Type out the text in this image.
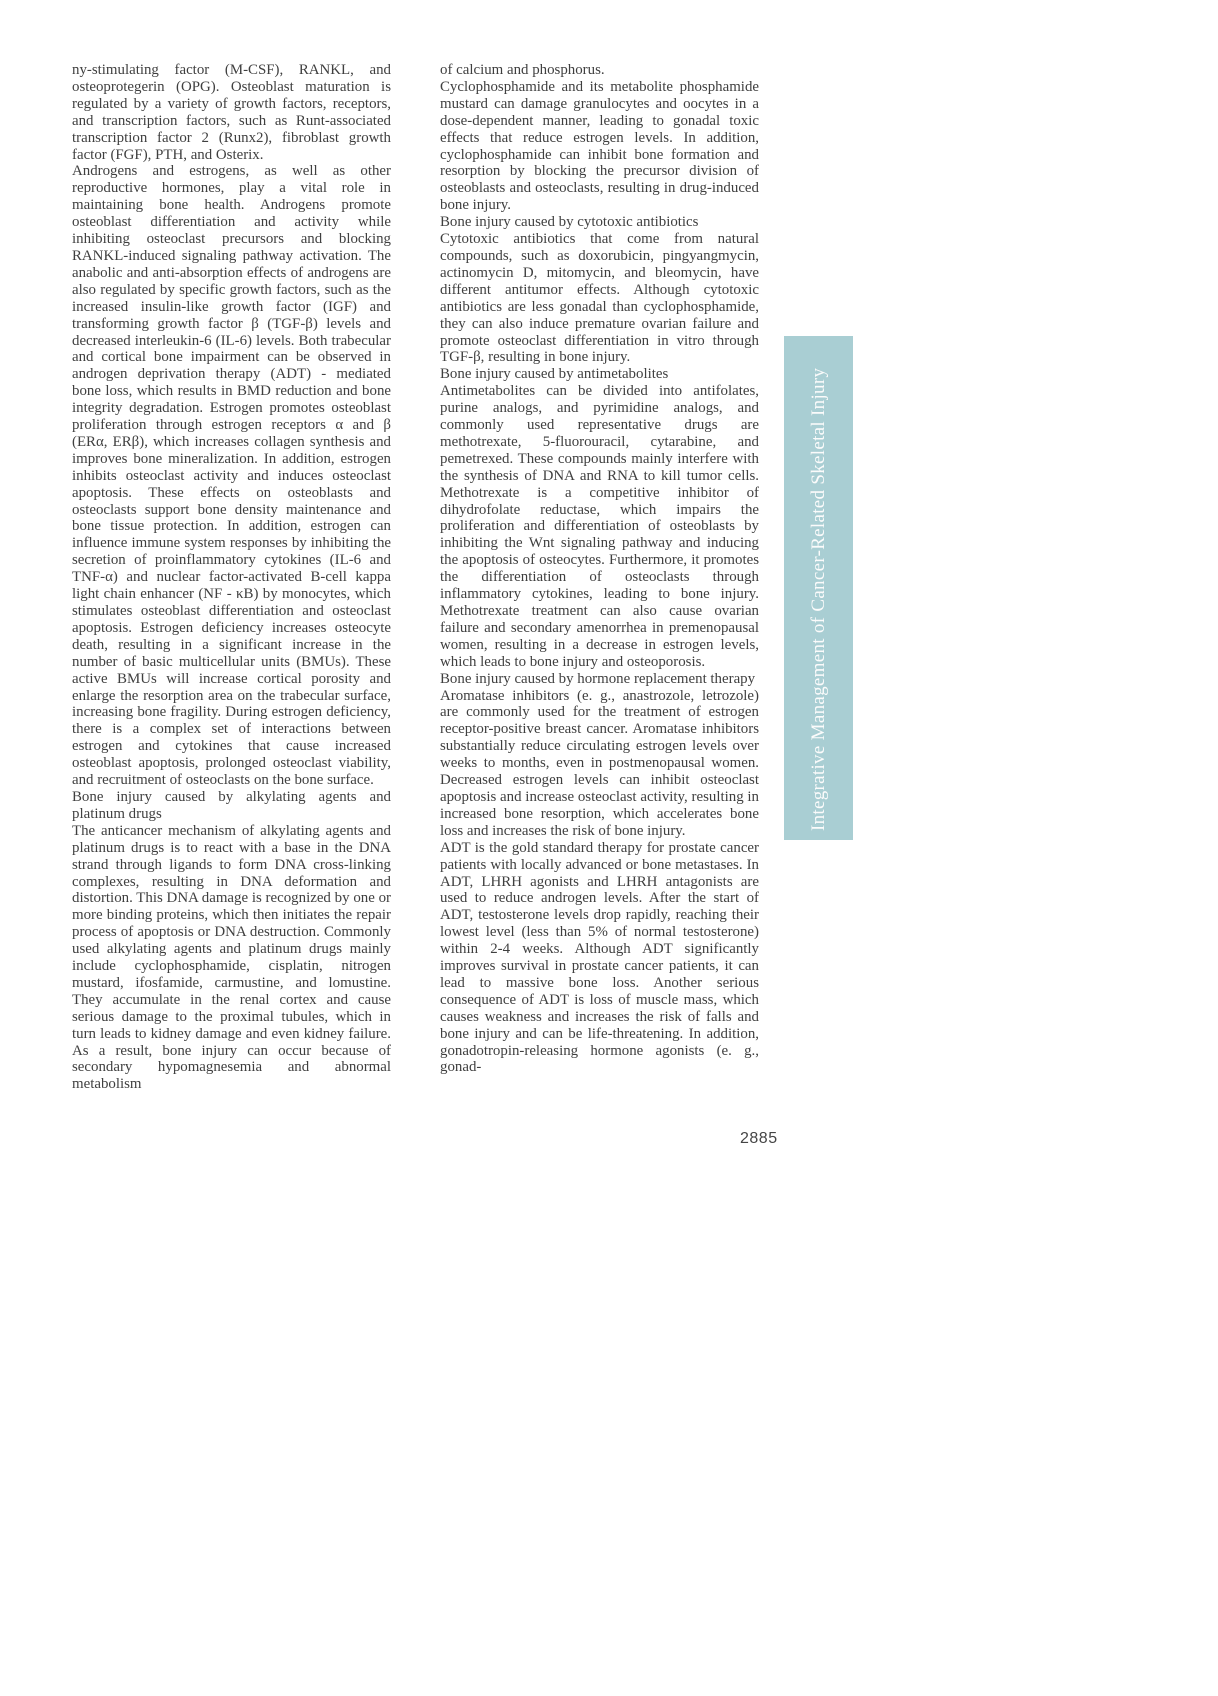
ny-stimulating factor (M-CSF), RANKL, and osteoprotegerin (OPG). Osteoblast maturation is regulated by a variety of growth factors, receptors, and transcription factors, such as Runt-associated transcription factor 2 (Runx2), fibroblast growth factor (FGF), PTH, and Osterix.

Androgens and estrogens, as well as other reproductive hormones, play a vital role in maintaining bone health. Androgens promote osteoblast differentiation and activity while inhibiting osteoclast precursors and blocking RANKL-induced signaling pathway activation. The anabolic and anti-absorption effects of androgens are also regulated by specific growth factors, such as the increased insulin-like growth factor (IGF) and transforming growth factor β (TGF-β) levels and decreased interleukin-6 (IL-6) levels. Both trabecular and cortical bone impairment can be observed in androgen deprivation therapy (ADT) - mediated bone loss, which results in BMD reduction and bone integrity degradation. Estrogen promotes osteoblast proliferation through estrogen receptors α and β (ERα, ERβ), which increases collagen synthesis and improves bone mineralization. In addition, estrogen inhibits osteoclast activity and induces osteoclast apoptosis. These effects on osteoblasts and osteoclasts support bone density maintenance and bone tissue protection. In addition, estrogen can influence immune system responses by inhibiting the secretion of proinflammatory cytokines (IL-6 and TNF-α) and nuclear factor-activated B-cell kappa light chain enhancer (NF - κB) by monocytes, which stimulates osteoblast differentiation and osteoclast apoptosis. Estrogen deficiency increases osteocyte death, resulting in a significant increase in the number of basic multicellular units (BMUs). These active BMUs will increase cortical porosity and enlarge the resorption area on the trabecular surface, increasing bone fragility. During estrogen deficiency, there is a complex set of interactions between estrogen and cytokines that cause increased osteoblast apoptosis, prolonged osteoclast viability, and recruitment of osteoclasts on the bone surface.

Bone injury caused by alkylating agents and platinum drugs

The anticancer mechanism of alkylating agents and platinum drugs is to react with a base in the DNA strand through ligands to form DNA cross-linking complexes, resulting in DNA deformation and distortion. This DNA damage is recognized by one or more binding proteins, which then initiates the repair process of apoptosis or DNA destruction. Commonly used alkylating agents and platinum drugs mainly include cyclophosphamide, cisplatin, nitrogen mustard, ifosfamide, carmustine, and lomustine. They accumulate in the renal cortex and cause serious damage to the proximal tubules, which in turn leads to kidney damage and even kidney failure. As a result, bone injury can occur because of secondary hypomagnesemia and abnormal metabolism

of calcium and phosphorus.

Cyclophosphamide and its metabolite phosphamide mustard can damage granulocytes and oocytes in a dose-dependent manner, leading to gonadal toxic effects that reduce estrogen levels. In addition, cyclophosphamide can inhibit bone formation and resorption by blocking the precursor division of osteoblasts and osteoclasts, resulting in drug-induced bone injury.

Bone injury caused by cytotoxic antibiotics

Cytotoxic antibiotics that come from natural compounds, such as doxorubicin, pingyangmycin, actinomycin D, mitomycin, and bleomycin, have different antitumor effects. Although cytotoxic antibiotics are less gonadal than cyclophosphamide, they can also induce premature ovarian failure and promote osteoclast differentiation in vitro through TGF-β, resulting in bone injury.

Bone injury caused by antimetabolites

Antimetabolites can be divided into antifolates, purine analogs, and pyrimidine analogs, and commonly used representative drugs are methotrexate, 5-fluorouracil, cytarabine, and pemetrexed. These compounds mainly interfere with the synthesis of DNA and RNA to kill tumor cells. Methotrexate is a competitive inhibitor of dihydrofolate reductase, which impairs the proliferation and differentiation of osteoblasts by inhibiting the Wnt signaling pathway and inducing the apoptosis of osteocytes. Furthermore, it promotes the differentiation of osteoclasts through inflammatory cytokines, leading to bone injury. Methotrexate treatment can also cause ovarian failure and secondary amenorrhea in premenopausal women, resulting in a decrease in estrogen levels, which leads to bone injury and osteoporosis.

Bone injury caused by hormone replacement therapy

Aromatase inhibitors (e. g., anastrozole, letrozole) are commonly used for the treatment of estrogen receptor-positive breast cancer. Aromatase inhibitors substantially reduce circulating estrogen levels over weeks to months, even in postmenopausal women. Decreased estrogen levels can inhibit osteoclast apoptosis and increase osteoclast activity, resulting in increased bone resorption, which accelerates bone loss and increases the risk of bone injury.

ADT is the gold standard therapy for prostate cancer patients with locally advanced or bone metastases. In ADT, LHRH agonists and LHRH antagonists are used to reduce androgen levels. After the start of ADT, testosterone levels drop rapidly, reaching their lowest level (less than 5% of normal testosterone) within 2-4 weeks. Although ADT significantly improves survival in prostate cancer patients, it can lead to massive bone loss. Another serious consequence of ADT is loss of muscle mass, which causes weakness and increases the risk of falls and bone injury and can be life-threatening. In addition, gonadotropin-releasing hormone agonists (e. g., gonad-

Integrative Management of Cancer-Related Skeletal Injury
2885
